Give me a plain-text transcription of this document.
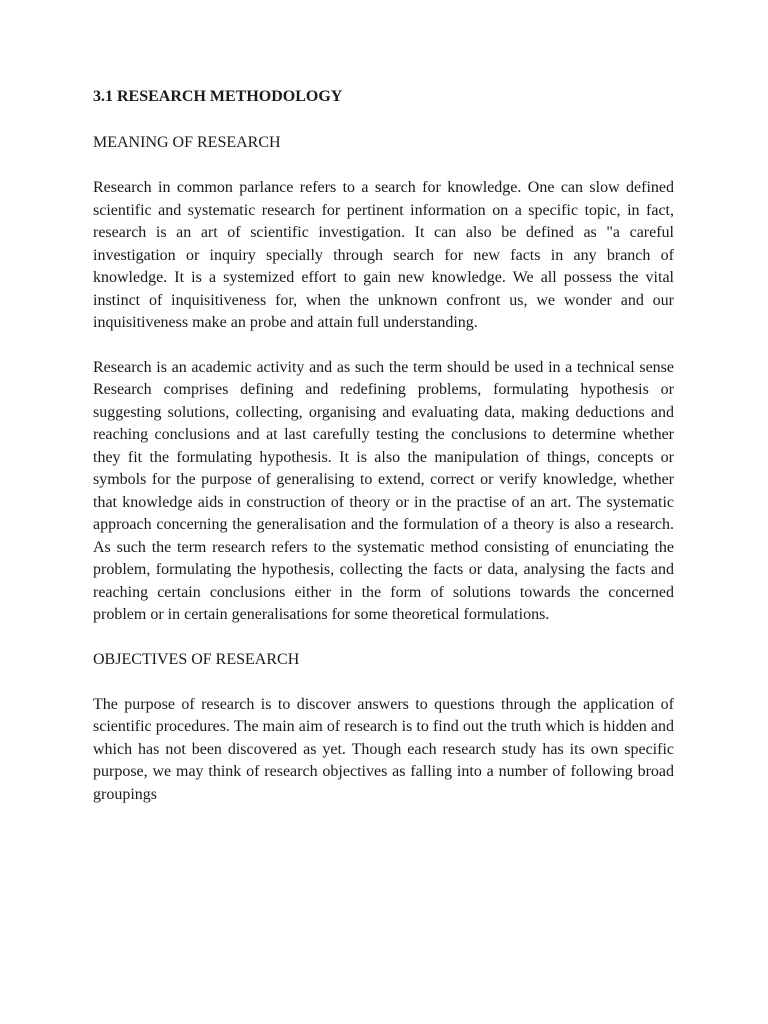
3.1 RESEARCH METHODOLOGY
MEANING OF RESEARCH

Research in common parlance refers to a search for knowledge. One can slow defined scientific and systematic research for pertinent information on a specific topic, in fact, research is an art of scientific investigation. It can also be defined as "a careful investigation or inquiry specially through search for new facts in any branch of knowledge. It is a systemized effort to gain new knowledge. We all possess the vital instinct of inquisitiveness for, when the unknown confront us, we wonder and our inquisitiveness make an probe and attain full understanding.

Research is an academic activity and as such the term should be used in a technical sense Research comprises defining and redefining problems, formulating hypothesis or suggesting solutions, collecting, organising and evaluating data, making deductions and reaching conclusions and at last carefully testing the conclusions to determine whether they fit the formulating hypothesis. It is also the manipulation of things, concepts or symbols for the purpose of generalising to extend, correct or verify knowledge, whether that knowledge aids in construction of theory or in the practise of an art. The systematic approach concerning the generalisation and the formulation of a theory is also a research. As such the term research refers to the systematic method consisting of enunciating the problem, formulating the hypothesis, collecting the facts or data, analysing the facts and reaching certain conclusions either in the form of solutions towards the concerned problem or in certain generalisations for some theoretical formulations.

OBJECTIVES OF RESEARCH

The purpose of research is to discover answers to questions through the application of scientific procedures. The main aim of research is to find out the truth which is hidden and which has not been discovered as yet. Though each research study has its own specific purpose, we may think of research objectives as falling into a number of following broad groupings
